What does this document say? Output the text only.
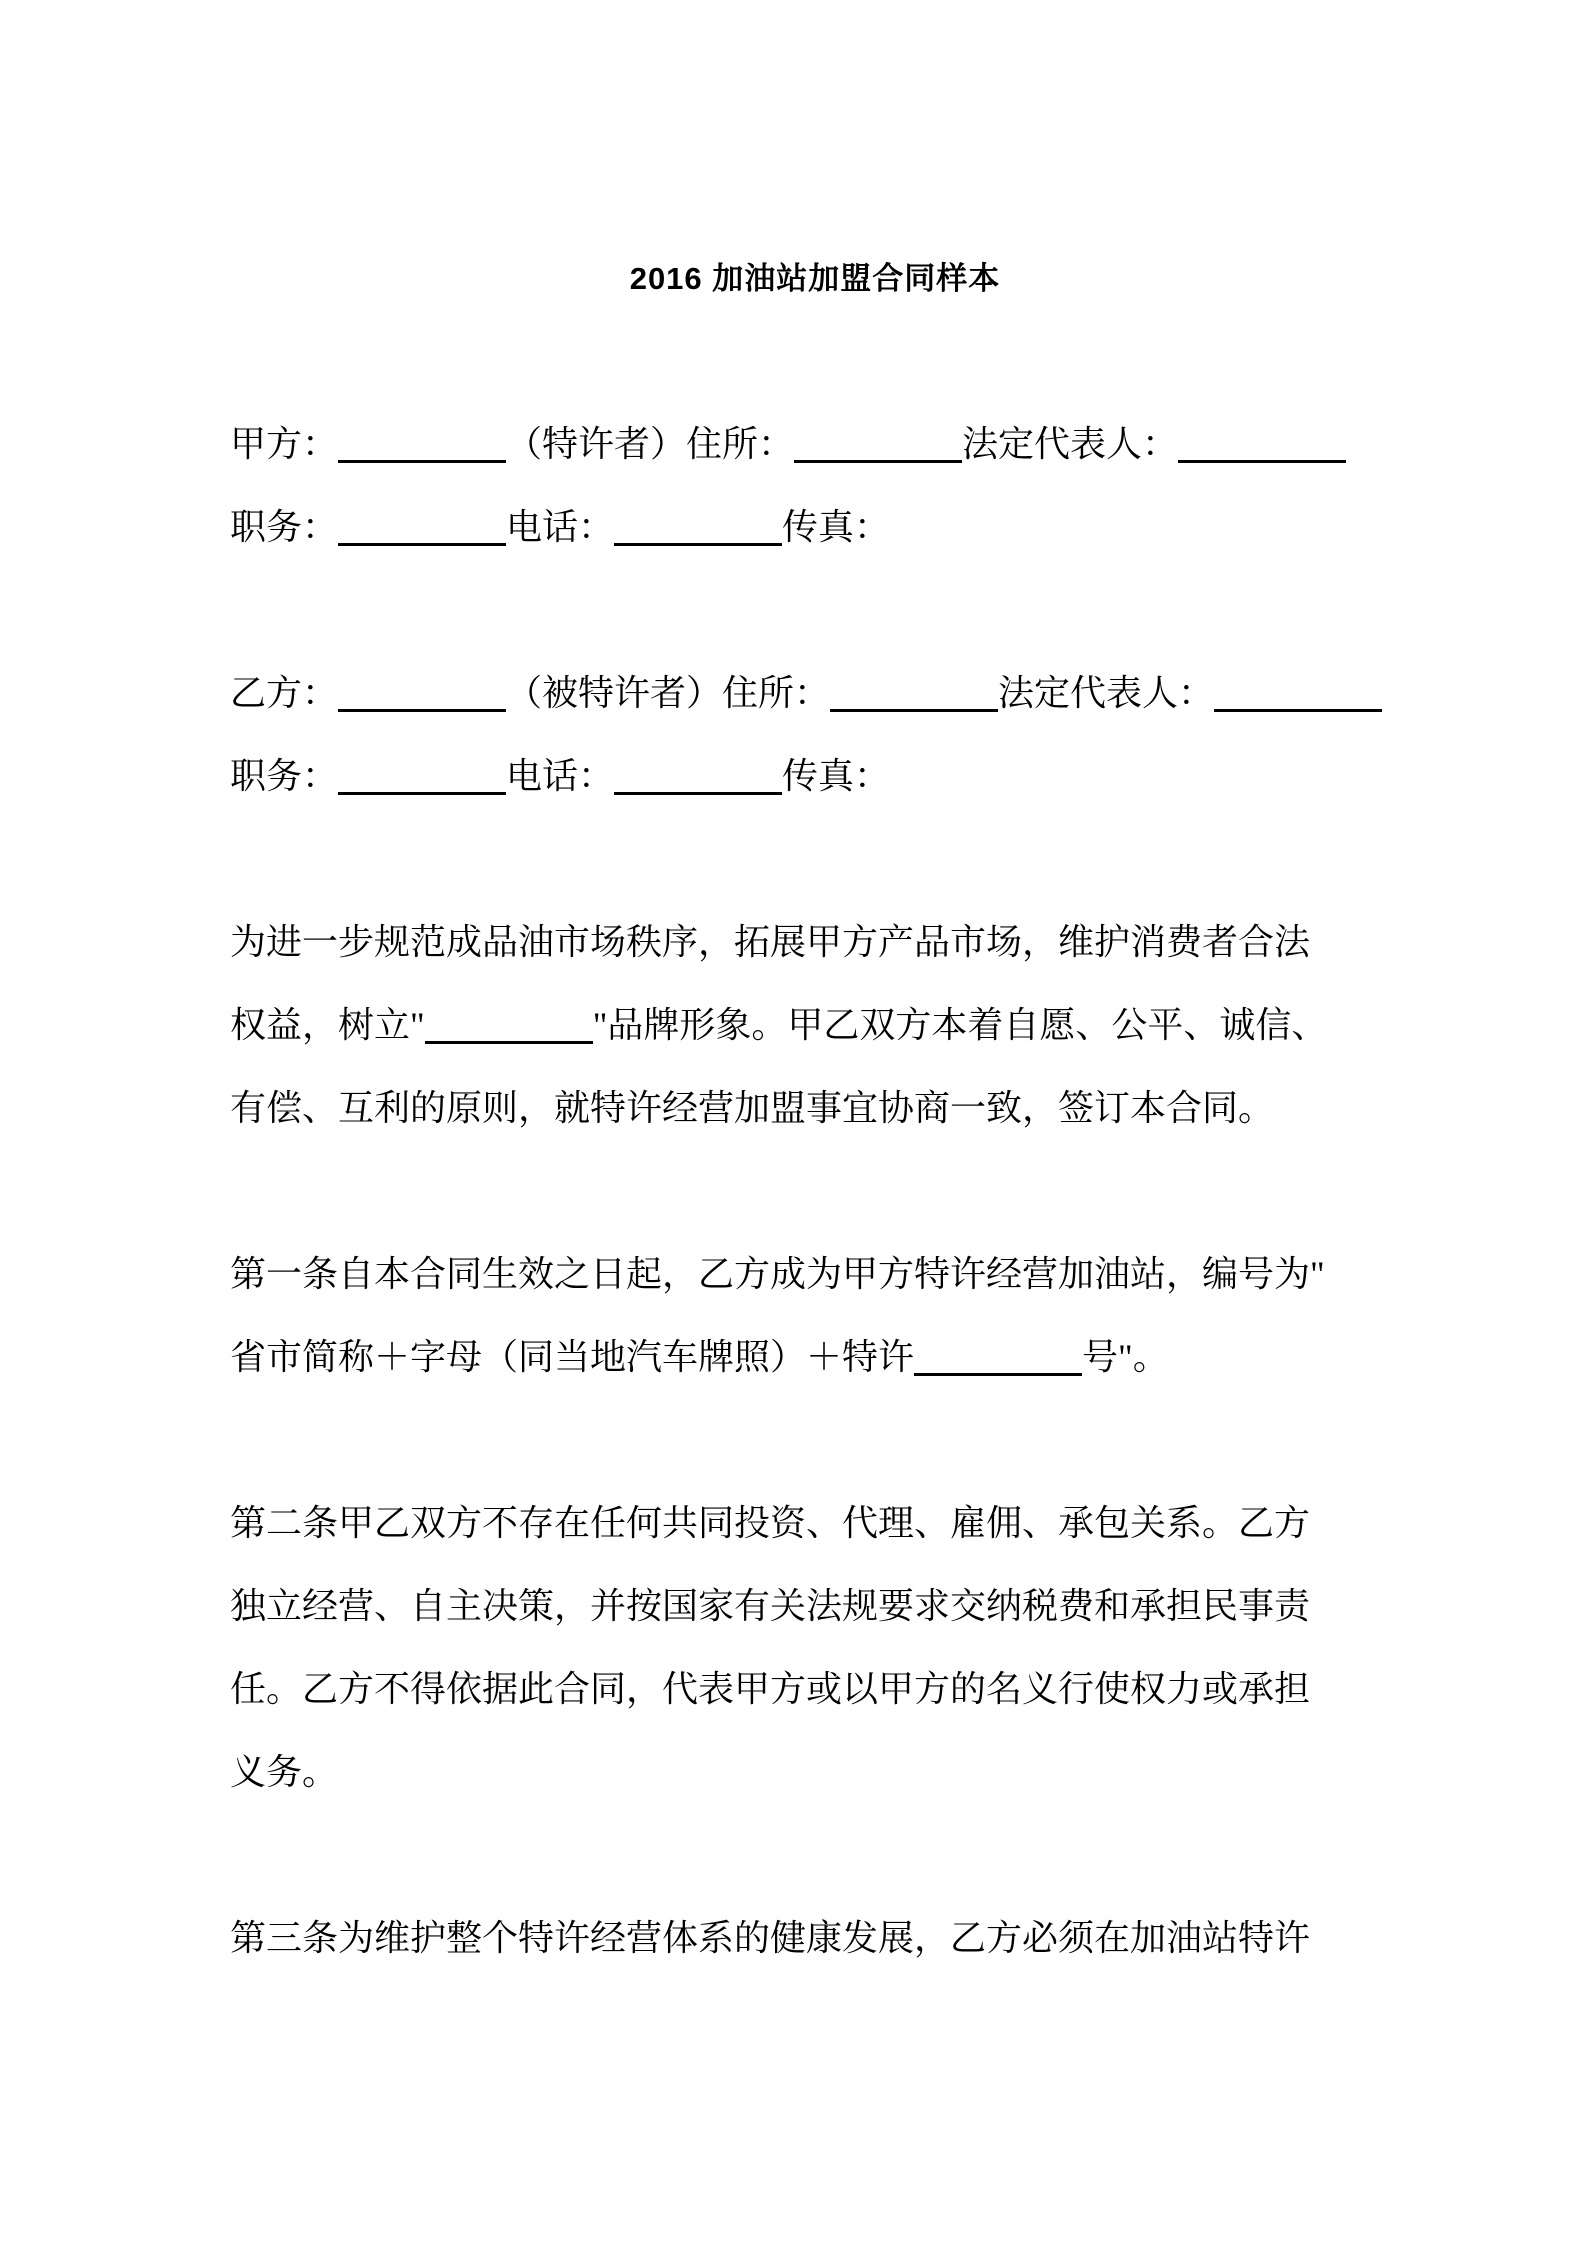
2016 加油站加盟合同样本

甲方：	（特许者）住所：	法定代表人：
职务：	电话：	传真：

乙方：	（被特许者）住所：	法定代表人：
职务：	电话：	传真：

为进一步规范成品油市场秩序，拓展甲方产品市场，维护消费者合法
权益，树立"	"品牌形象。甲乙双方本着自愿、公平、诚信、
有偿、互利的原则，就特许经营加盟事宜协商一致，签订本合同。

第一条自本合同生效之日起，乙方成为甲方特许经营加油站，编号为"
省市简称＋字母（同当地汽车牌照）＋特许	号"。

第二条甲乙双方不存在任何共同投资、代理、雇佣、承包关系。乙方
独立经营、自主决策，并按国家有关法规要求交纳税费和承担民事责
任。乙方不得依据此合同，代表甲方或以甲方的名义行使权力或承担
义务。

第三条为维护整个特许经营体系的健康发展，乙方必须在加油站特许
